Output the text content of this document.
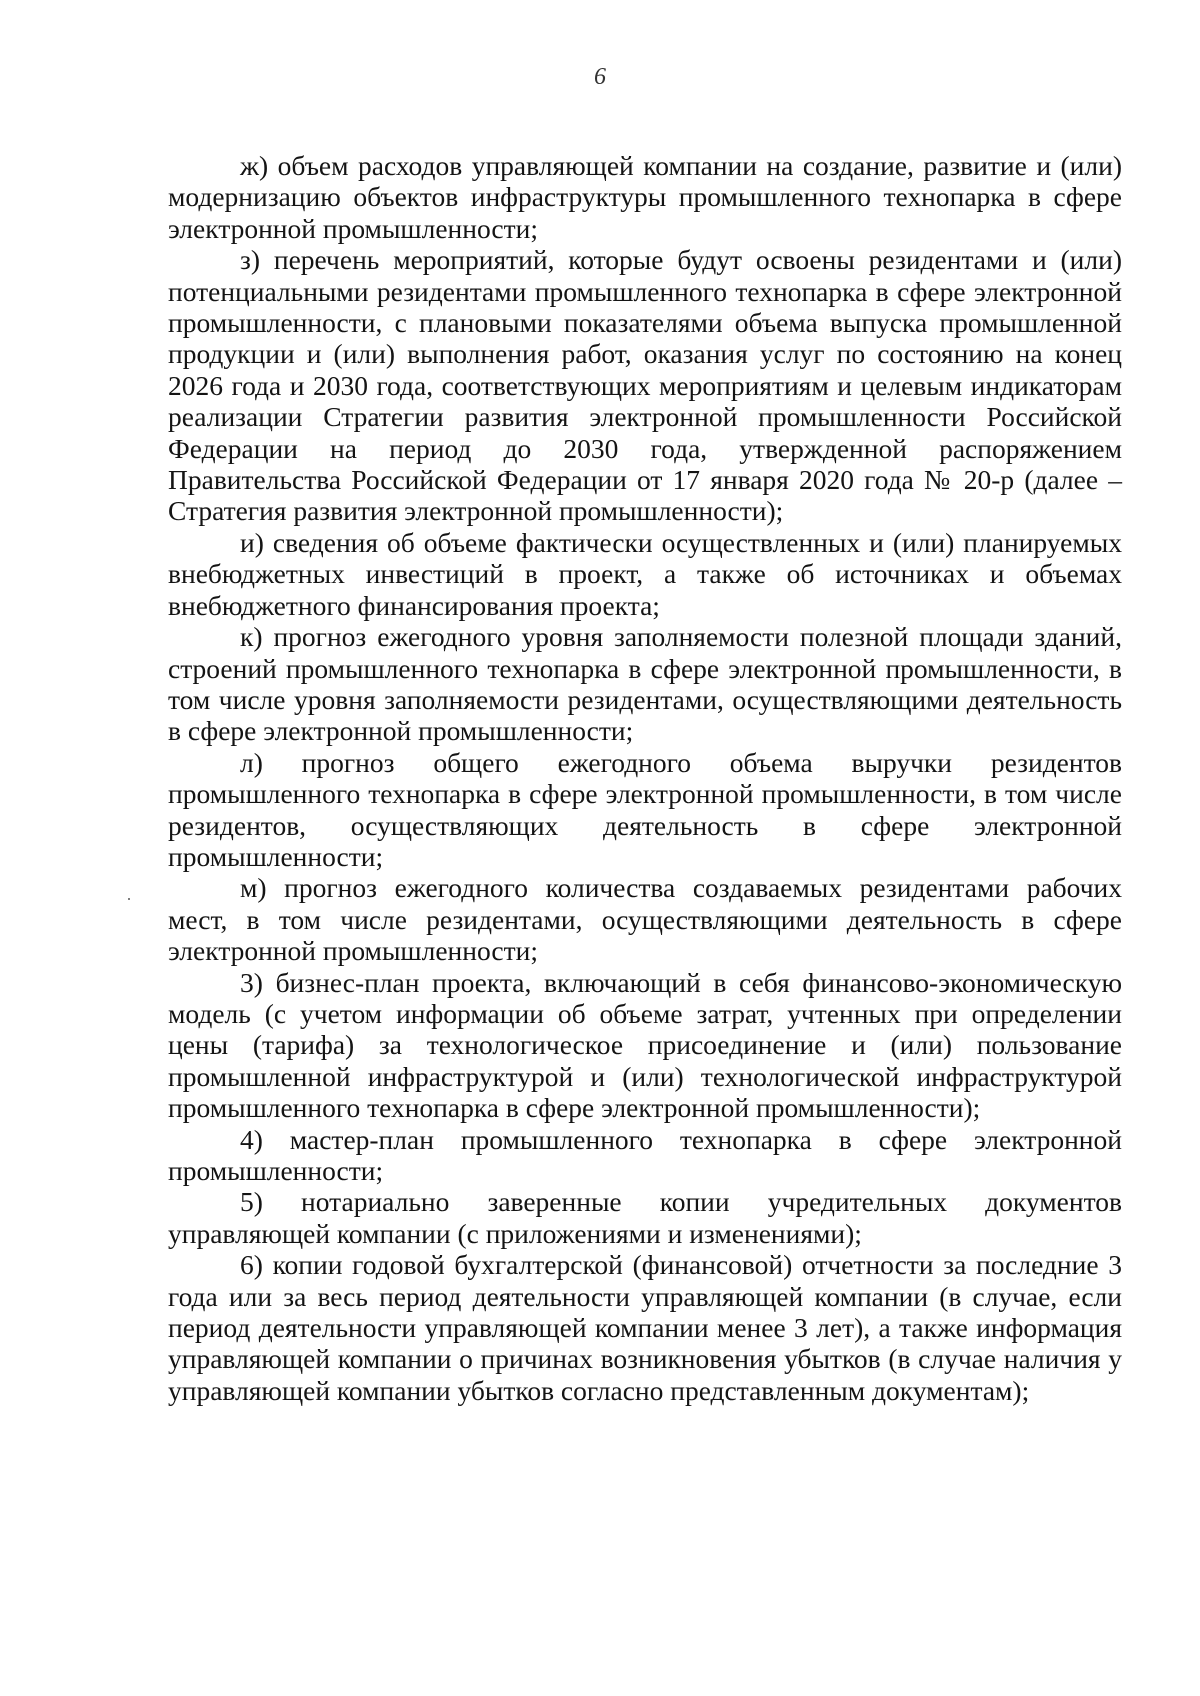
6

ж) объем расходов управляющей компании на создание, развитие и (или) модернизацию объектов инфраструктуры промышленного технопарка в сфере электронной промышленности;

з) перечень мероприятий, которые будут освоены резидентами и (или) потенциальными резидентами промышленного технопарка в сфере электронной промышленности, с плановыми показателями объема выпуска промышленной продукции и (или) выполнения работ, оказания услуг по состоянию на конец 2026 года и 2030 года, соответствующих мероприятиям и целевым индикаторам реализации Стратегии развития электронной промышленности Российской Федерации на период до 2030 года, утвержденной распоряжением Правительства Российской Федерации от 17 января 2020 года № 20-р (далее – Стратегия развития электронной промышленности);

и) сведения об объеме фактически осуществленных и (или) планируемых внебюджетных инвестиций в проект, а также об источниках и объемах внебюджетного финансирования проекта;

к) прогноз ежегодного уровня заполняемости полезной площади зданий, строений промышленного технопарка в сфере электронной промышленности, в том числе уровня заполняемости резидентами, осуществляющими деятельность в сфере электронной промышленности;

л) прогноз общего ежегодного объема выручки резидентов промышленного технопарка в сфере электронной промышленности, в том числе резидентов, осуществляющих деятельность в сфере электронной промышленности;

м) прогноз ежегодного количества создаваемых резидентами рабочих мест, в том числе резидентами, осуществляющими деятельность в сфере электронной промышленности;

3) бизнес-план проекта, включающий в себя финансово-экономическую модель (с учетом информации об объеме затрат, учтенных при определении цены (тарифа) за технологическое присоединение и (или) пользование промышленной инфраструктурой и (или) технологической инфраструктурой промышленного технопарка в сфере электронной промышленности);

4) мастер-план промышленного технопарка в сфере электронной промышленности;

5) нотариально заверенные копии учредительных документов управляющей компании (с приложениями и изменениями);

6) копии годовой бухгалтерской (финансовой) отчетности за последние 3 года или за весь период деятельности управляющей компании (в случае, если период деятельности управляющей компании менее 3 лет), а также информация управляющей компании о причинах возникновения убытков (в случае наличия у управляющей компании убытков согласно представленным документам);
